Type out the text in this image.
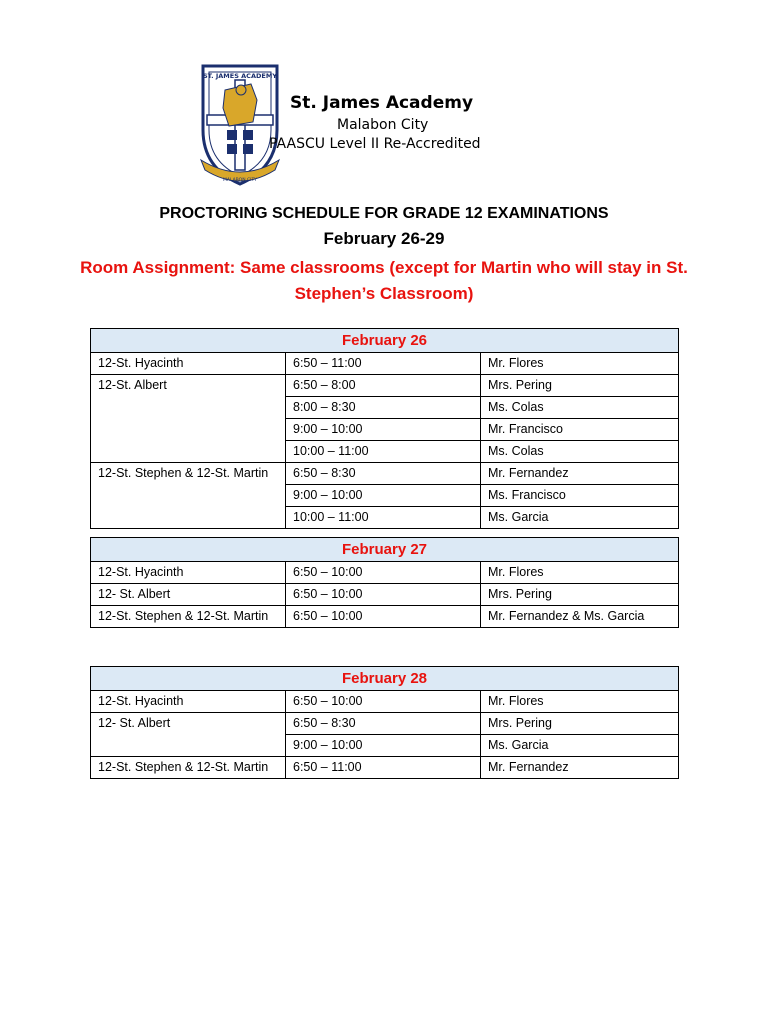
ST. JAMES ACADEMY
MALABON CITY
St. James Academy
Malabon City
PAASCU Level II Re-Accredited
PROCTORING SCHEDULE FOR GRADE 12 EXAMINATIONS
February 26-29
Room Assignment: Same classrooms (except for Martin who will stay in St. Stephen’s Classroom)
February 26		
12-St. Hyacinth	6:50 – 11:00	Mr. Flores
12-St. Albert	6:50 – 8:00	Mrs. Pering
	8:00 – 8:30	Ms. Colas
	9:00 – 10:00	Mr. Francisco
	10:00 – 11:00	Ms. Colas
12-St. Stephen & 12-St. Martin	6:50 – 8:30	Mr. Fernandez
	9:00 – 10:00	Ms. Francisco
	10:00 – 11:00	Ms. Garcia
February 27		
12-St. Hyacinth	6:50 – 10:00	Mr. Flores
12- St. Albert	6:50 – 10:00	Mrs. Pering
12-St. Stephen & 12-St. Martin	6:50 – 10:00	Mr. Fernandez & Ms. Garcia
February 28		
12-St. Hyacinth	6:50 – 10:00	Mr. Flores
12- St. Albert	6:50 – 8:30	Mrs. Pering
	9:00 – 10:00	Ms. Garcia
12-St. Stephen & 12-St. Martin	6:50 – 11:00	Mr. Fernandez
